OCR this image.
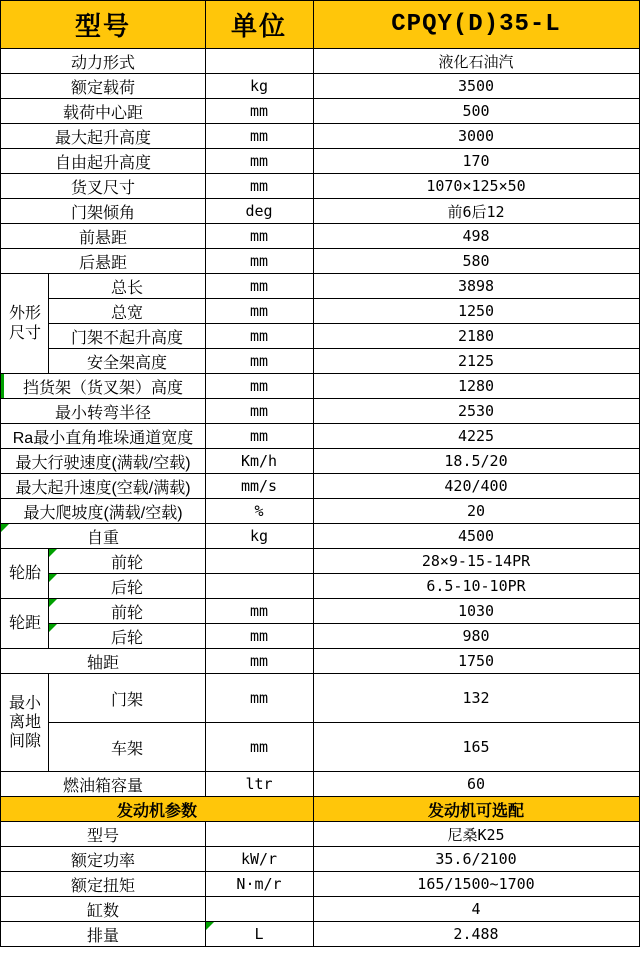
型号		单位	CPQY(D)35-L
动力形式			液化石油汽
额定载荷		kg	3500
载荷中心距		mm	500
最大起升高度		mm	3000
自由起升高度		mm	170
货叉尺寸		mm	1070×125×50
门架倾角		deg	前6后12
前悬距		mm	498
后悬距		mm	580
外形尺寸	总长	mm	3898
	总宽	mm	1250
	门架不起升高度	mm	2180
	安全架高度	mm	2125
挡货架（货叉架）高度		mm	1280
最小转弯半径		mm	2530
Ra最小直角堆垛通道宽度		mm	4225
最大行驶速度(满载/空载)		Km/h	18.5/20
最大起升速度(空载/满载)		mm/s	420/400
最大爬坡度(满载/空载)		%	20
自重		kg	4500
轮胎	前轮		28×9-15-14PR
	后轮		6.5-10-10PR
轮距	前轮	mm	1030
	后轮	mm	980
轴距		mm	1750
最小离地间隙	门架	mm	132
	车架	mm	165
燃油箱容量		ltr	60
发动机参数			发动机可选配
型号			尼桑K25
额定功率		kW/r	35.6/2100
额定扭矩		N·m/r	165/1500~1700
缸数			4
排量		L	2.488
